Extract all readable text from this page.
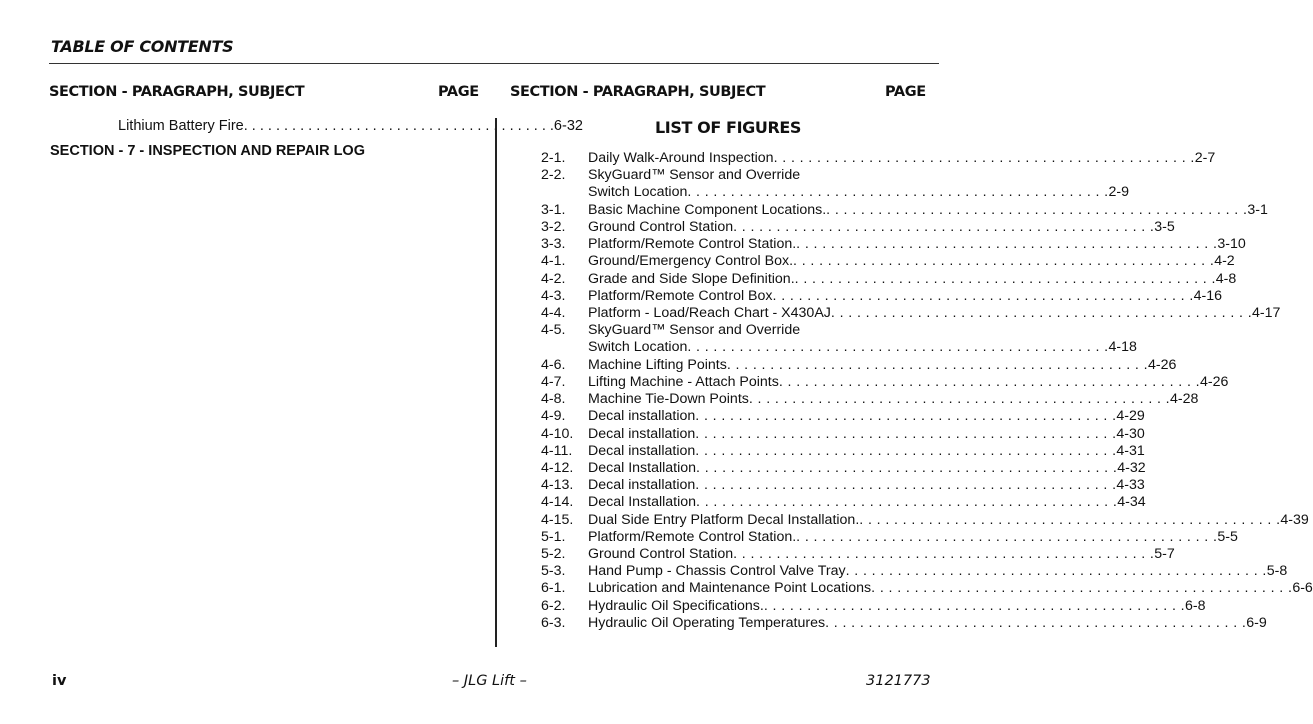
TABLE OF CONTENTS
SECTION - PARAGRAPH, SUBJECT	PAGE SECTION - PARAGRAPH, SUBJECT	PAGE
Lithium Battery Fire . . . . . . . . . . . . . . . . . . . . . . . . . . . . . . . . . . . . . . . 6-32
SECTION - 7 - INSPECTION AND REPAIR LOG
LIST OF FIGURES
2-1.	Daily Walk-Around Inspection . . . . . . . . . . . . . . . . . . . . . . . . . . . . . . . . . . . . . . . . . . . . . . . . . 2-7
2-2.	SkyGuard™ Sensor and Override
Switch Location . . . . . . . . . . . . . . . . . . . . . . . . . . . . . . . . . . . . . . . . . . . . . . . . . 2-9
3-1.	Basic Machine Component Locations. . . . . . . . . . . . . . . . . . . . . . . . . . . . . . . . . . . . . . . . . . . . . . . . . . 3-1
3-2.	Ground Control Station . . . . . . . . . . . . . . . . . . . . . . . . . . . . . . . . . . . . . . . . . . . . . . . . . 3-5
3-3.	Platform/Remote Control Station. . . . . . . . . . . . . . . . . . . . . . . . . . . . . . . . . . . . . . . . . . . . . . . . . . 3-10
4-1.	Ground/Emergency Control Box. . . . . . . . . . . . . . . . . . . . . . . . . . . . . . . . . . . . . . . . . . . . . . . . . . 4-2
4-2.	Grade and Side Slope Definition. . . . . . . . . . . . . . . . . . . . . . . . . . . . . . . . . . . . . . . . . . . . . . . . . . 4-8
4-3.	Platform/Remote Control Box . . . . . . . . . . . . . . . . . . . . . . . . . . . . . . . . . . . . . . . . . . . . . . . . . 4-16
4-4.	Platform - Load/Reach Chart - X430AJ . . . . . . . . . . . . . . . . . . . . . . . . . . . . . . . . . . . . . . . . . . . . . . . . . 4-17
4-5.	SkyGuard™ Sensor and Override
Switch Location . . . . . . . . . . . . . . . . . . . . . . . . . . . . . . . . . . . . . . . . . . . . . . . . . 4-18
4-6.	Machine Lifting Points . . . . . . . . . . . . . . . . . . . . . . . . . . . . . . . . . . . . . . . . . . . . . . . . . 4-26
4-7.	Lifting Machine - Attach Points . . . . . . . . . . . . . . . . . . . . . . . . . . . . . . . . . . . . . . . . . . . . . . . . . 4-26
4-8.	Machine Tie-Down Points . . . . . . . . . . . . . . . . . . . . . . . . . . . . . . . . . . . . . . . . . . . . . . . . . 4-28
4-9.	Decal installation . . . . . . . . . . . . . . . . . . . . . . . . . . . . . . . . . . . . . . . . . . . . . . . . . 4-29
4-10.	Decal installation . . . . . . . . . . . . . . . . . . . . . . . . . . . . . . . . . . . . . . . . . . . . . . . . . 4-30
4-11.	Decal installation . . . . . . . . . . . . . . . . . . . . . . . . . . . . . . . . . . . . . . . . . . . . . . . . . 4-31
4-12.	Decal Installation . . . . . . . . . . . . . . . . . . . . . . . . . . . . . . . . . . . . . . . . . . . . . . . . . 4-32
4-13.	Decal installation . . . . . . . . . . . . . . . . . . . . . . . . . . . . . . . . . . . . . . . . . . . . . . . . . 4-33
4-14.	Decal Installation . . . . . . . . . . . . . . . . . . . . . . . . . . . . . . . . . . . . . . . . . . . . . . . . . 4-34
4-15.	Dual Side Entry Platform Decal Installation. . . . . . . . . . . . . . . . . . . . . . . . . . . . . . . . . . . . . . . . . . . . . . . . . . 4-39
5-1.	Platform/Remote Control Station. . . . . . . . . . . . . . . . . . . . . . . . . . . . . . . . . . . . . . . . . . . . . . . . . . 5-5
5-2.	Ground Control Station . . . . . . . . . . . . . . . . . . . . . . . . . . . . . . . . . . . . . . . . . . . . . . . . . 5-7
5-3.	Hand Pump - Chassis Control Valve Tray . . . . . . . . . . . . . . . . . . . . . . . . . . . . . . . . . . . . . . . . . . . . . . . . . 5-8
6-1.	Lubrication and Maintenance Point Locations . . . . . . . . . . . . . . . . . . . . . . . . . . . . . . . . . . . . . . . . . . . . . . . . . 6-6
6-2.	Hydraulic Oil Specifications. . . . . . . . . . . . . . . . . . . . . . . . . . . . . . . . . . . . . . . . . . . . . . . . . . 6-8
6-3.	Hydraulic Oil Operating Temperatures . . . . . . . . . . . . . . . . . . . . . . . . . . . . . . . . . . . . . . . . . . . . . . . . . 6-9
iv	– JLG Lift –	3121773
